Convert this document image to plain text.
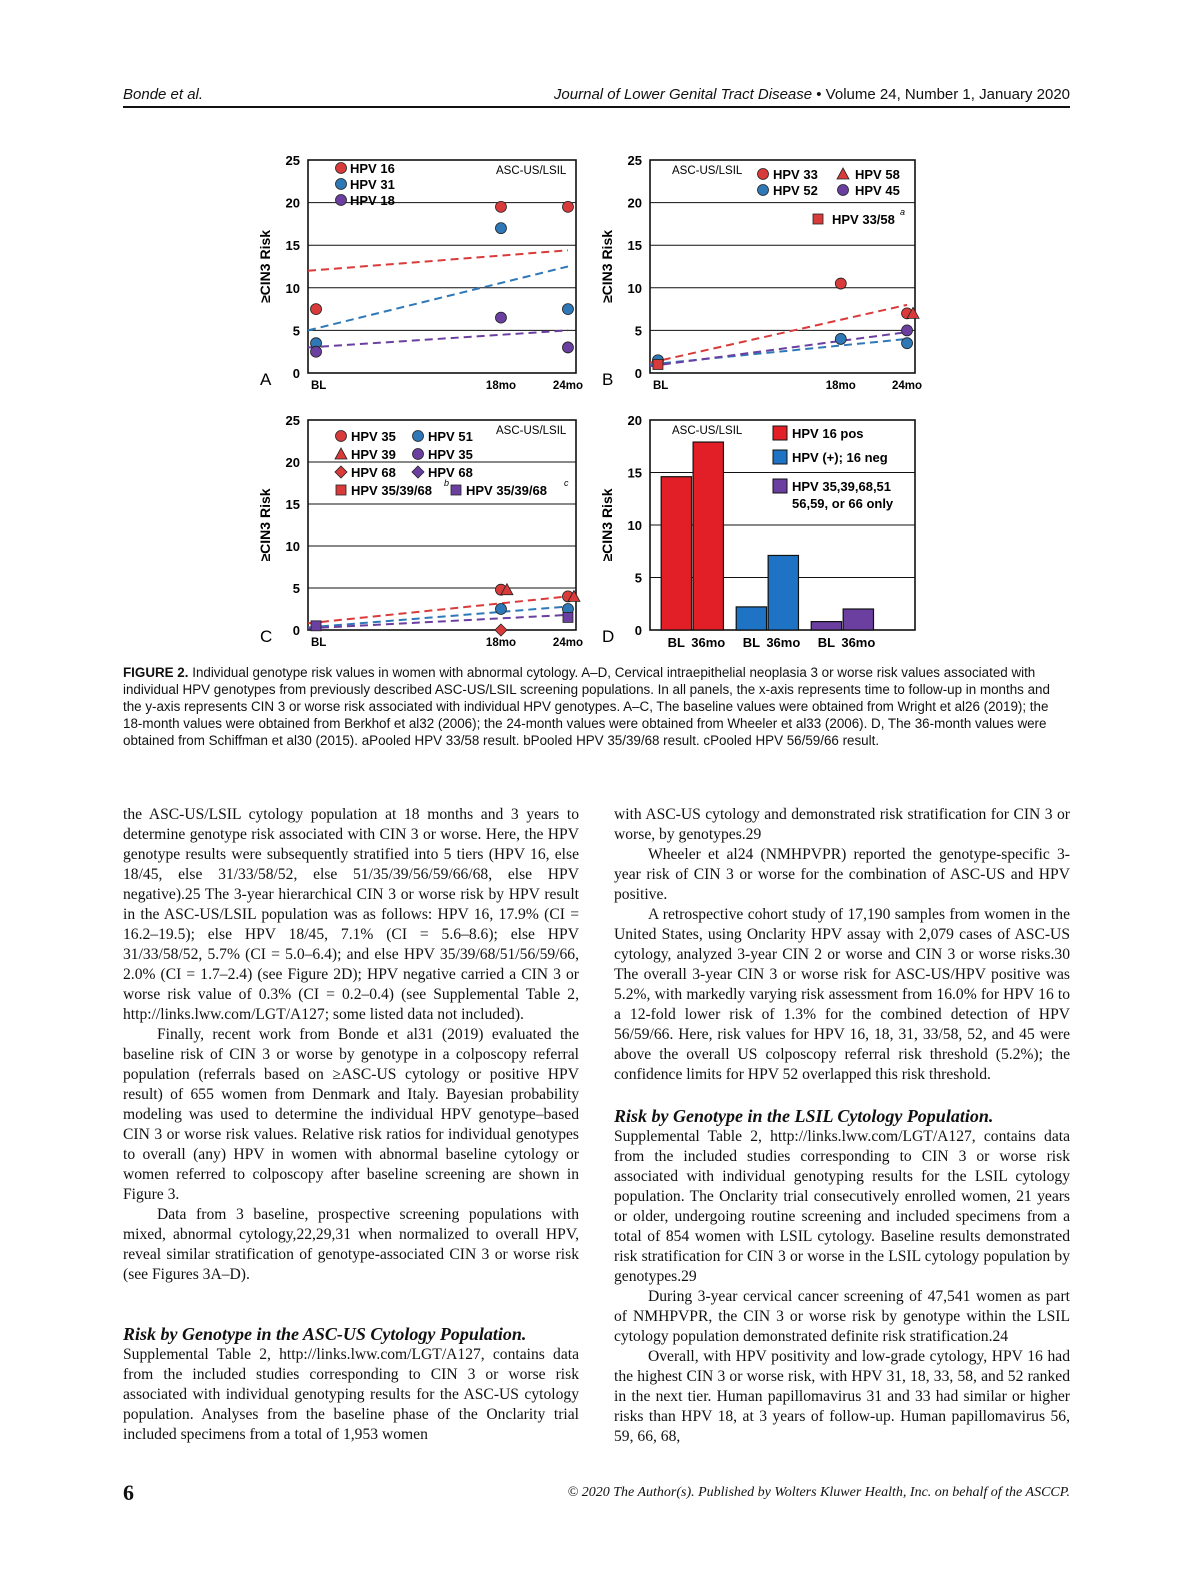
Bonde et al.	Journal of Lower Genital Tract Disease • Volume 24, Number 1, January 2020
0
5
10
15
20
25
≥CIN3 Risk
A
ASC-US/LSIL
BL	18mo	24mo
HPV 16
HPV 31
HPV 18
0
5
10
15
20
25
≥CIN3 Risk
B
ASC-US/LSIL
BL	18mo	24mo
HPV 33
HPV 52
HPV 58
HPV 45
HPV 33/58 a
0
5
10
15
20
25
≥CIN3 Risk
C
ASC-US/LSIL
BL	18mo	24mo
HPV 35 HPV 51
HPV 39 HPV 35
HPV 68 HPV 68
HPV 35/39/68	HPV 35/39/68
b	c
0
5
10
15
20
≥CIN3 Risk
D
ASC-US/LSIL
BL 36mo BL 36mo BL 36mo
HPV 16 pos
HPV (+); 16 neg
HPV 35,39,68,51
56,59, or 66 only
FIGURE 2. Individual genotype risk values in women with abnormal cytology. A–D, Cervical intraepithelial neoplasia 3 or worse risk values associated with individual HPV genotypes from previously described ASC-US/LSIL screening populations. In all panels, the x-axis represents time to follow-up in months and the y-axis represents CIN 3 or worse risk associated with individual HPV genotypes. A–C, The baseline values were obtained from Wright et al26 (2019); the 18-month values were obtained from Berkhof et al32 (2006); the 24-month values were obtained from Wheeler et al33 (2006). D, The 36-month values were obtained from Schiffman et al30 (2015). aPooled HPV 33/58 result. bPooled HPV 35/39/68 result. cPooled HPV 56/59/66 result.

the ASC-US/LSIL cytology population at 18 months and 3 years to determine genotype risk associated with CIN 3 or worse. Here, the HPV genotype results were subsequently stratified into 5 tiers (HPV 16, else 18/45, else 31/33/58/52, else 51/35/39/56/59/66/68, else HPV negative).25 The 3-year hierarchical CIN 3 or worse risk by HPV result in the ASC-US/LSIL population was as follows: HPV 16, 17.9% (CI = 16.2–19.5); else HPV 18/45, 7.1% (CI = 5.6–8.6); else HPV 31/33/58/52, 5.7% (CI = 5.0–6.4); and else HPV 35/39/68/51/56/59/66, 2.0% (CI = 1.7–2.4) (see Figure 2D); HPV negative carried a CIN 3 or worse risk value of 0.3% (CI = 0.2–0.4) (see Supplemental Table 2, http://links.lww.com/LGT/A127; some listed data not included).

Finally, recent work from Bonde et al31 (2019) evaluated the baseline risk of CIN 3 or worse by genotype in a colposcopy referral population (referrals based on ≥ASC-US cytology or positive HPV result) of 655 women from Denmark and Italy. Bayesian probability modeling was used to determine the individual HPV genotype–based CIN 3 or worse risk values. Relative risk ratios for individual genotypes to overall (any) HPV in women with abnormal baseline cytology or women referred to colposcopy after baseline screening are shown in Figure 3.

Data from 3 baseline, prospective screening populations with mixed, abnormal cytology,22,29,31 when normalized to overall HPV, reveal similar stratification of genotype-associated CIN 3 or worse risk (see Figures 3A–D).

Risk by Genotype in the ASC-US Cytology Population.

Supplemental Table 2, http://links.lww.com/LGT/A127, contains data from the included studies corresponding to CIN 3 or worse risk associated with individual genotyping results for the ASC-US cytology population. Analyses from the baseline phase of the Onclarity trial included specimens from a total of 1,953 women

with ASC-US cytology and demonstrated risk stratification for CIN 3 or worse, by genotypes.29

Wheeler et al24 (NMHPVPR) reported the genotype-specific 3-year risk of CIN 3 or worse for the combination of ASC-US and HPV positive.

A retrospective cohort study of 17,190 samples from women in the United States, using Onclarity HPV assay with 2,079 cases of ASC-US cytology, analyzed 3-year CIN 2 or worse and CIN 3 or worse risks.30 The overall 3-year CIN 3 or worse risk for ASC-US/HPV positive was 5.2%, with markedly varying risk assessment from 16.0% for HPV 16 to a 12-fold lower risk of 1.3% for the combined detection of HPV 56/59/66. Here, risk values for HPV 16, 18, 31, 33/58, 52, and 45 were above the overall US colposcopy referral risk threshold (5.2%); the confidence limits for HPV 52 overlapped this risk threshold.

Risk by Genotype in the LSIL Cytology Population.

Supplemental Table 2, http://links.lww.com/LGT/A127, contains data from the included studies corresponding to CIN 3 or worse risk associated with individual genotyping results for the LSIL cytology population. The Onclarity trial consecutively enrolled women, 21 years or older, undergoing routine screening and included specimens from a total of 854 women with LSIL cytology. Baseline results demonstrated risk stratification for CIN 3 or worse in the LSIL cytology population by genotypes.29

During 3-year cervical cancer screening of 47,541 women as part of NMHPVPR, the CIN 3 or worse risk by genotype within the LSIL cytology population demonstrated definite risk stratification.24

Overall, with HPV positivity and low-grade cytology, HPV 16 had the highest CIN 3 or worse risk, with HPV 31, 18, 33, 58, and 52 ranked in the next tier. Human papillomavirus 31 and 33 had similar or higher risks than HPV 18, at 3 years of follow-up. Human papillomavirus 56, 59, 66, 68,

6	© 2020 The Author(s). Published by Wolters Kluwer Health, Inc. on behalf of the ASCCP.
